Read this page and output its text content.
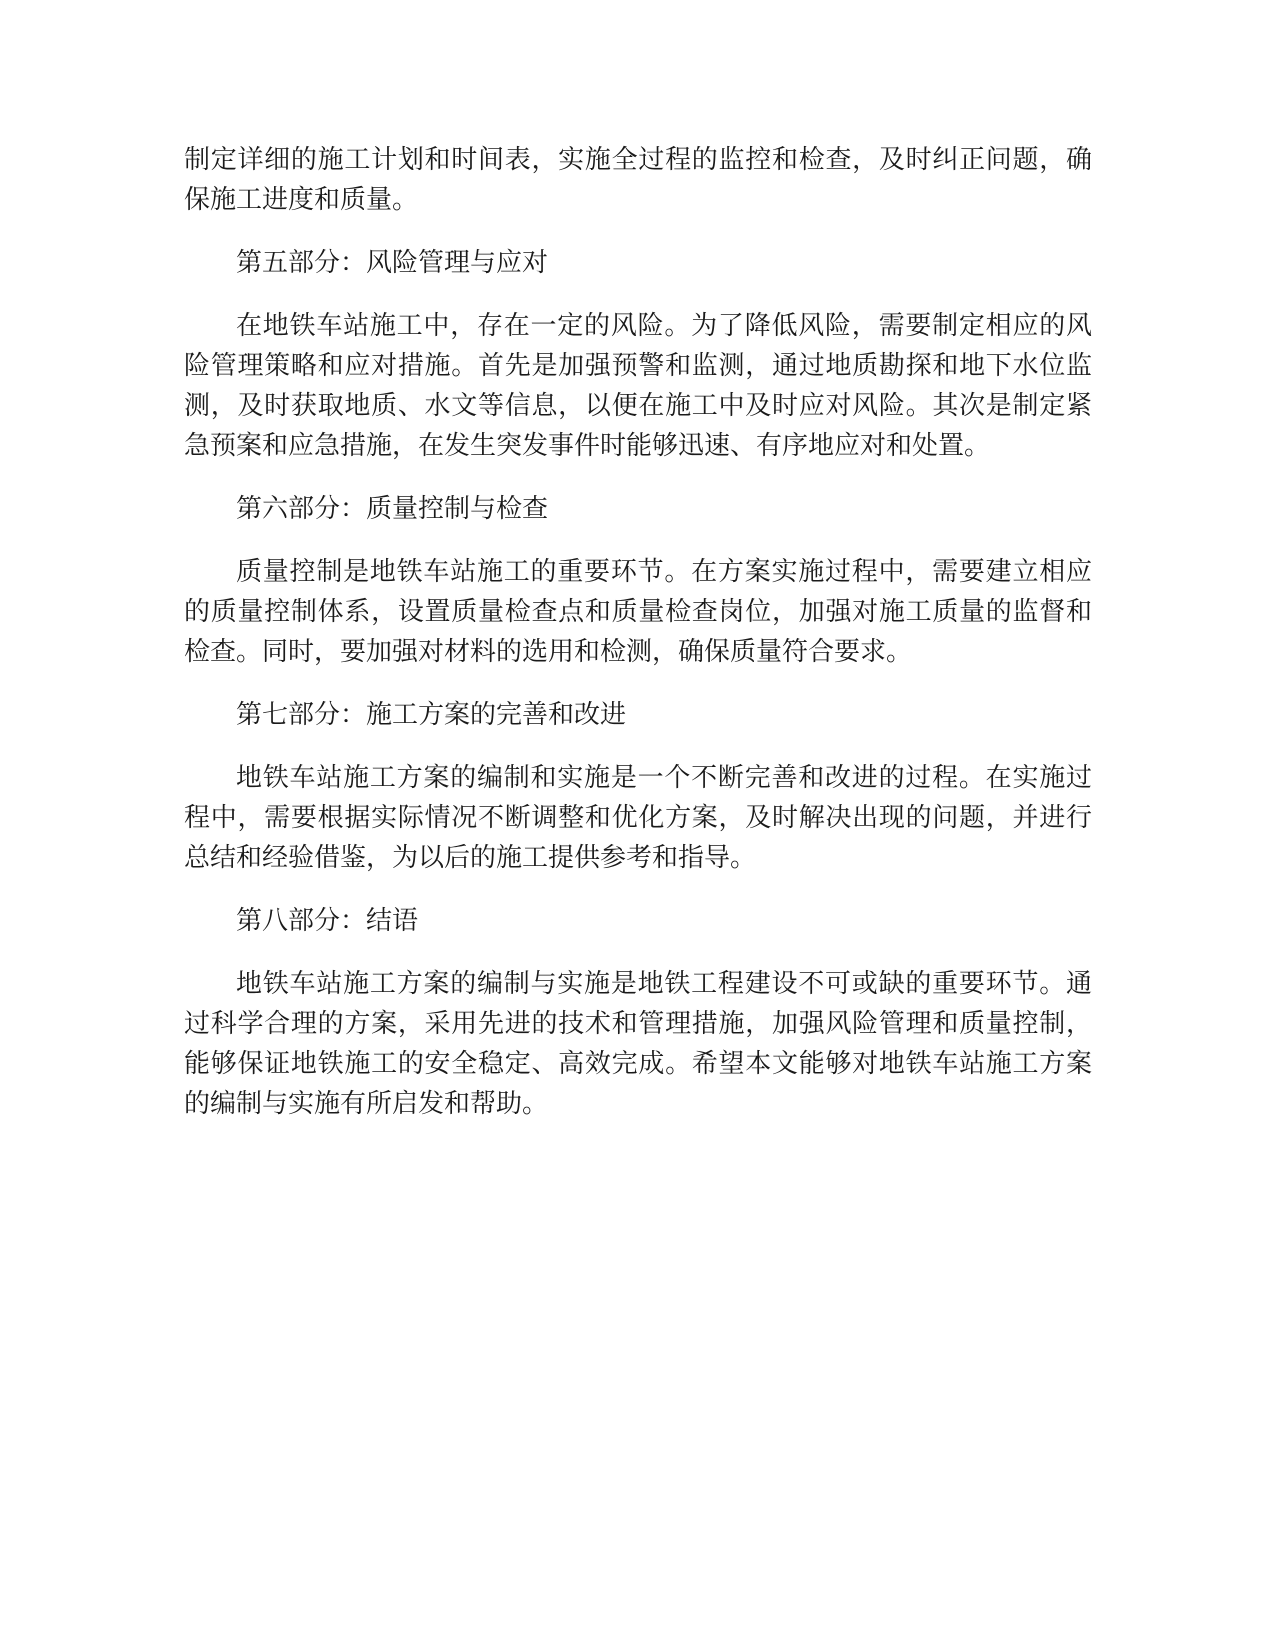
制定详细的施工计划和时间表，实施全过程的监控和检查，及时纠正问题，确保施工进度和质量。

第五部分：风险管理与应对

在地铁车站施工中，存在一定的风险。为了降低风险，需要制定相应的风险管理策略和应对措施。首先是加强预警和监测，通过地质勘探和地下水位监测，及时获取地质、水文等信息，以便在施工中及时应对风险。其次是制定紧急预案和应急措施，在发生突发事件时能够迅速、有序地应对和处置。

第六部分：质量控制与检查

质量控制是地铁车站施工的重要环节。在方案实施过程中，需要建立相应的质量控制体系，设置质量检查点和质量检查岗位，加强对施工质量的监督和检查。同时，要加强对材料的选用和检测，确保质量符合要求。

第七部分：施工方案的完善和改进

地铁车站施工方案的编制和实施是一个不断完善和改进的过程。在实施过程中，需要根据实际情况不断调整和优化方案，及时解决出现的问题，并进行总结和经验借鉴，为以后的施工提供参考和指导。

第八部分：结语

地铁车站施工方案的编制与实施是地铁工程建设不可或缺的重要环节。通过科学合理的方案，采用先进的技术和管理措施，加强风险管理和质量控制，能够保证地铁施工的安全稳定、高效完成。希望本文能够对地铁车站施工方案的编制与实施有所启发和帮助。
